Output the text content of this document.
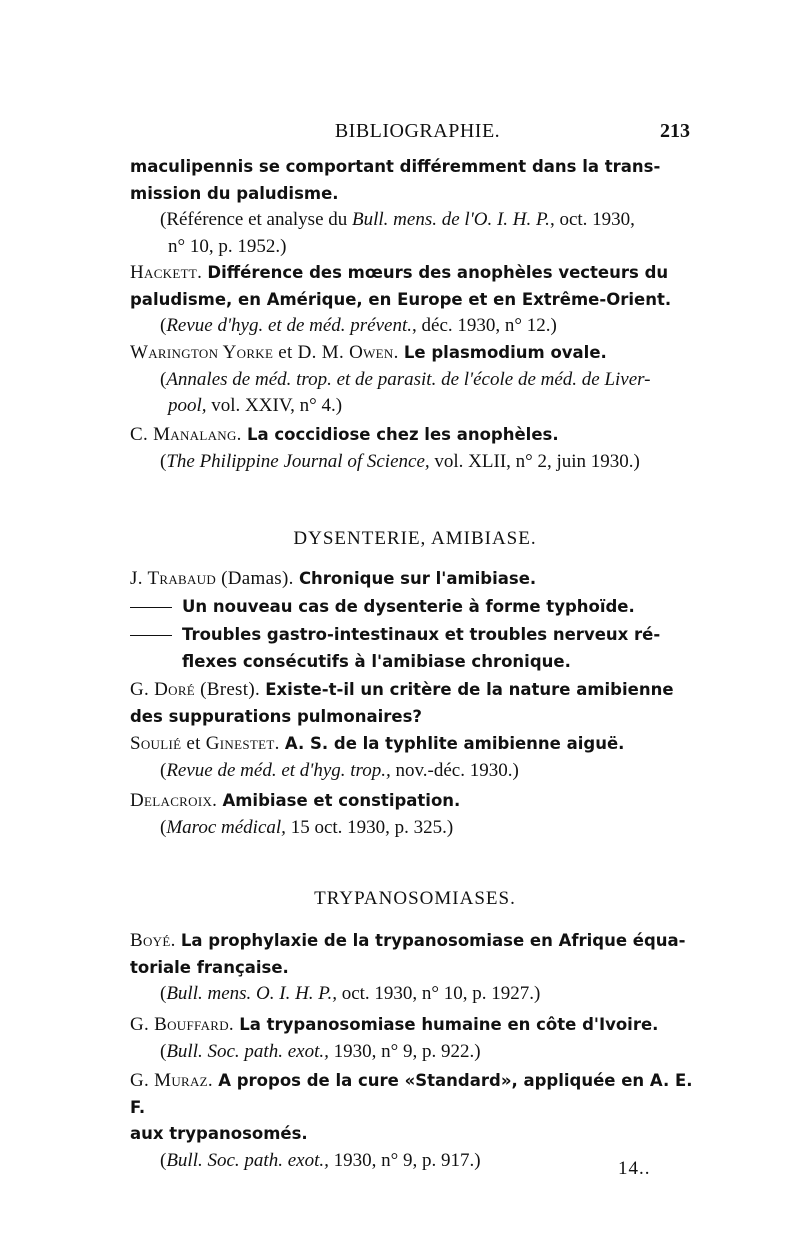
BIBLIOGRAPHIE.	213
maculipennis se comportant différemment dans la trans-
mission du paludisme.
(Référence et analyse du Bull. mens. de l'O. I. H. P., oct. 1930,
n° 10, p. 1952.)
Hackett. Différence des mœurs des anophèles vecteurs du
paludisme, en Amérique, en Europe et en Extrême-Orient.
(Revue d'hyg. et de méd. prévent., déc. 1930, n° 12.)
Warington Yorke et D. M. Owen. Le plasmodium ovale.
(Annales de méd. trop. et de parasit. de l'école de méd. de Liver-
pool, vol. XXIV, n° 4.)
C. Manalang. La coccidiose chez les anophèles.
(The Philippine Journal of Science, vol. XLII, n° 2, juin 1930.)
DYSENTERIE, AMIBIASE.
J. Trabaud (Damas). Chronique sur l'amibiase.
Un nouveau cas de dysenterie à forme typhoïde.
Troubles gastro-intestinaux et troubles nerveux ré-
flexes consécutifs à l'amibiase chronique.
G. Doré (Brest). Existe-t-il un critère de la nature amibienne
des suppurations pulmonaires?
Soulié et Ginestet. A. S. de la typhlite amibienne aiguë.
(Revue de méd. et d'hyg. trop., nov.-déc. 1930.)
Delacroix. Amibiase et constipation.
(Maroc médical, 15 oct. 1930, p. 325.)
TRYPANOSOMIASES.
Boyé. La prophylaxie de la trypanosomiase en Afrique équa-
toriale française.
(Bull. mens. O. I. H. P., oct. 1930, n° 10, p. 1927.)
G. Bouffard. La trypanosomiase humaine en côte d'Ivoire.
(Bull. Soc. path. exot., 1930, n° 9, p. 922.)
G. Muraz. A propos de la cure «Standard», appliquée en A. E. F.
aux trypanosomés.
(Bull. Soc. path. exot., 1930, n° 9, p. 917.)	14..
